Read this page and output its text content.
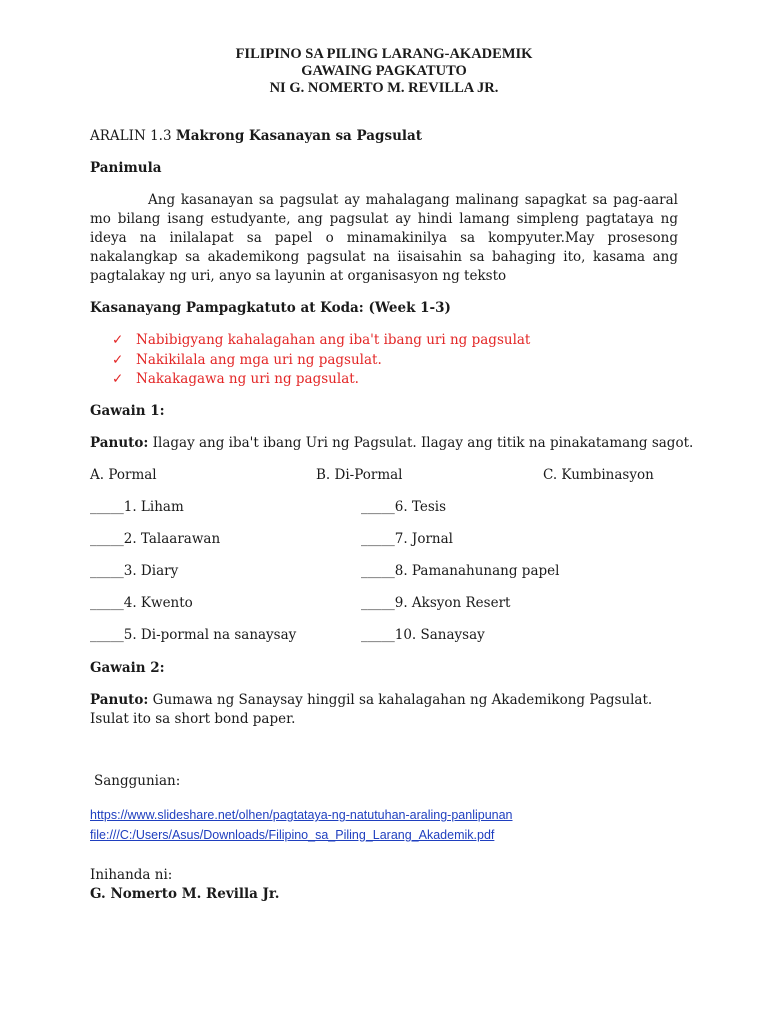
FILIPINO SA PILING LARANG-AKADEMIK
GAWAING PAGKATUTO
NI G. NOMERTO M. REVILLA JR.
ARALIN 1.3 Makrong Kasanayan sa Pagsulat
Panimula
Ang kasanayan sa pagsulat ay mahalagang malinang sapagkat sa pag-aaral mo bilang isang estudyante, ang pagsulat ay hindi lamang simpleng pagtataya ng ideya na inilalapat sa papel o minamakinilya sa kompyuter.May prosesong nakalangkap sa akademikong pagsulat na iisaisahin sa bahaging ito, kasama ang pagtalakay ng uri, anyo sa layunin at organisasyon ng teksto
Kasanayang Pampagkatuto at Koda: (Week 1-3)
✓ Nabibigyang kahalagahan ang iba't ibang uri ng pagsulat
✓ Nakikilala ang mga uri ng pagsulat.
✓ Nakakagawa ng uri ng pagsulat.
Gawain 1:
Panuto: Ilagay ang iba't ibang Uri ng Pagsulat. Ilagay ang titik na pinakatamang sagot.
A. Pormal	B. Di-Pormal	C. Kumbinasyon
_____1. Liham
_____2. Talaarawan
_____3. Diary
_____4. Kwento
_____5. Di-pormal na sanaysay
_____6. Tesis
_____7. Jornal
_____8. Pamanahunang papel
_____9. Aksyon Resert
_____10. Sanaysay
Gawain 2:
Panuto: Gumawa ng Sanaysay hinggil sa kahalagahan ng Akademikong Pagsulat.
Isulat ito sa short bond paper.
Sanggunian:
https://www.slideshare.net/olhen/pagtataya-ng-natutuhan-araling-panlipunan
file:///C:/Users/Asus/Downloads/Filipino_sa_Piling_Larang_Akademik.pdf
Inihanda ni:
G. Nomerto M. Revilla Jr.
